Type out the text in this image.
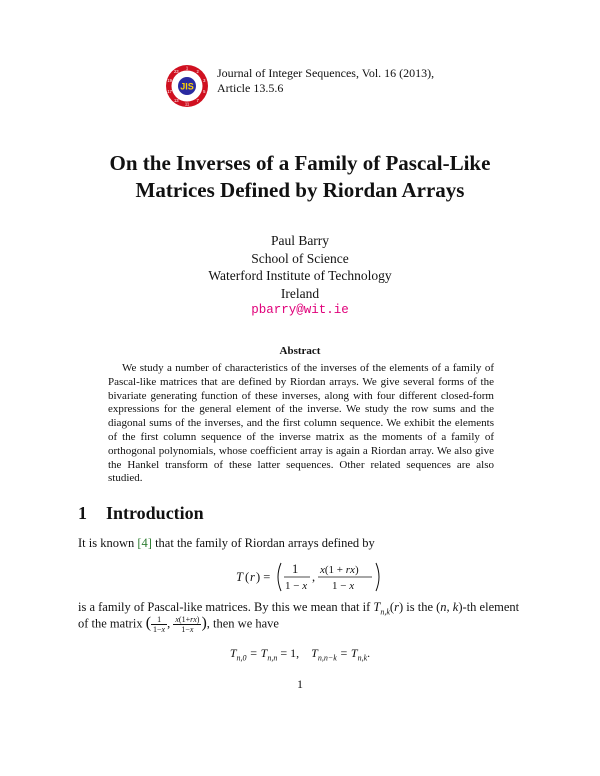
JIS
1
2
3
5
7
11
13
17
19
23	Journal of Integer Sequences, Vol. 16 (2013),
Article 13.5.6
On the Inverses of a Family of Pascal-Like
Matrices Defined by Riordan Arrays
Paul Barry
School of Science
Waterford Institute of Technology
Ireland
pbarry@wit.ie
Abstract
We study a number of characteristics of the inverses of the elements of a family of Pascal-like matrices that are defined by Riordan arrays. We give several forms of the bivariate generating function of these inverses, along with four different closed-form expressions for the general element of the inverse. We study the row sums and the diagonal sums of the inverses, and the first column sequence. We exhibit the elements of the first column sequence of the inverse matrix as the moments of a family of orthogonal polynomials, whose coefficient array is again a Riordan array. We also give the Hankel transform of these latter sequences. Other related sequences are also studied.
1 Introduction
It is known [4] that the family of Riordan arrays defined by
T ( r ) =
1
1 − x
, x(1 + rx)
1 − x
is a family of Pascal-like matrices. By this we mean that if $T_{n,k}(r)$ is the (n, k)-th element
of the matrix ( $\frac{1}{1-x}$ , $\frac{x(1+rx)}{1-x}$ ), then we have
$T_{n,0} = T_{n,n} = 1$, $T_{n,n-k} = T_{n,k}$.
1
